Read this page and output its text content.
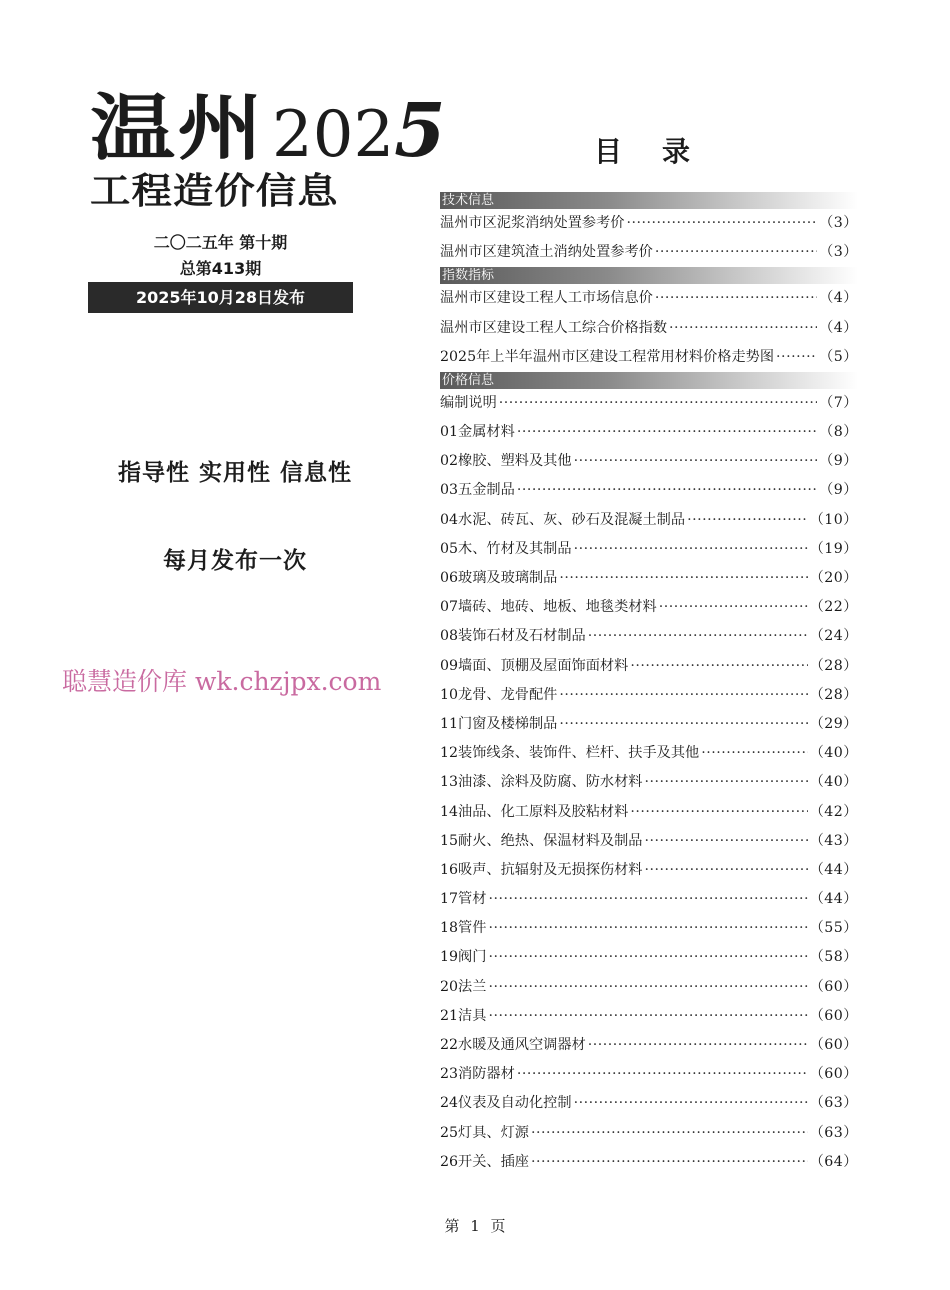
温州 2025
工程造价信息
二〇二五年 第十期
总第413期
2025年10月28日发布
指导性 实用性 信息性
每月发布一次
聪慧造价库 wk.chzjpx.com
目录
技术信息
温州市区泥浆消纳处置参考价 ·····	（3）
温州市区建筑渣土消纳处置参考价 ·····	（3）
指数指标
温州市区建设工程人工市场信息价 ·····	（4）
温州市区建设工程人工综合价格指数 ·····	（4）
2025年上半年温州市区建设工程常用材料价格走势图 ·····	（5）
价格信息
编制说明 ·····	（7）
01金属材料 ·····	（8）
02橡胶、塑料及其他 ·····	（9）
03五金制品 ·····	（9）
04水泥、砖瓦、灰、砂石及混凝土制品 ·····	（10）
05木、竹材及其制品 ·····	（19）
06玻璃及玻璃制品 ·····	（20）
07墙砖、地砖、地板、地毯类材料 ·····	（22）
08装饰石材及石材制品 ·····	（24）
09墙面、顶棚及屋面饰面材料 ·····	（28）
10龙骨、龙骨配件 ·····	（28）
11门窗及楼梯制品 ·····	（29）
12装饰线条、装饰件、栏杆、扶手及其他 ·····	（40）
13油漆、涂料及防腐、防水材料 ·····	（40）
14油品、化工原料及胶粘材料 ·····	（42）
15耐火、绝热、保温材料及制品 ·····	（43）
16吸声、抗辐射及无损探伤材料 ·····	（44）
17管材 ·····	（44）
18管件 ·····	（55）
19阀门 ·····	（58）
20法兰 ·····	（60）
21洁具 ·····	（60）
22水暖及通风空调器材 ·····	（60）
23消防器材 ·····	（60）
24仪表及自动化控制 ·····	（63）
25灯具、灯源 ·····	（63）
26开关、插座 ·····	（64）
第 1 页
